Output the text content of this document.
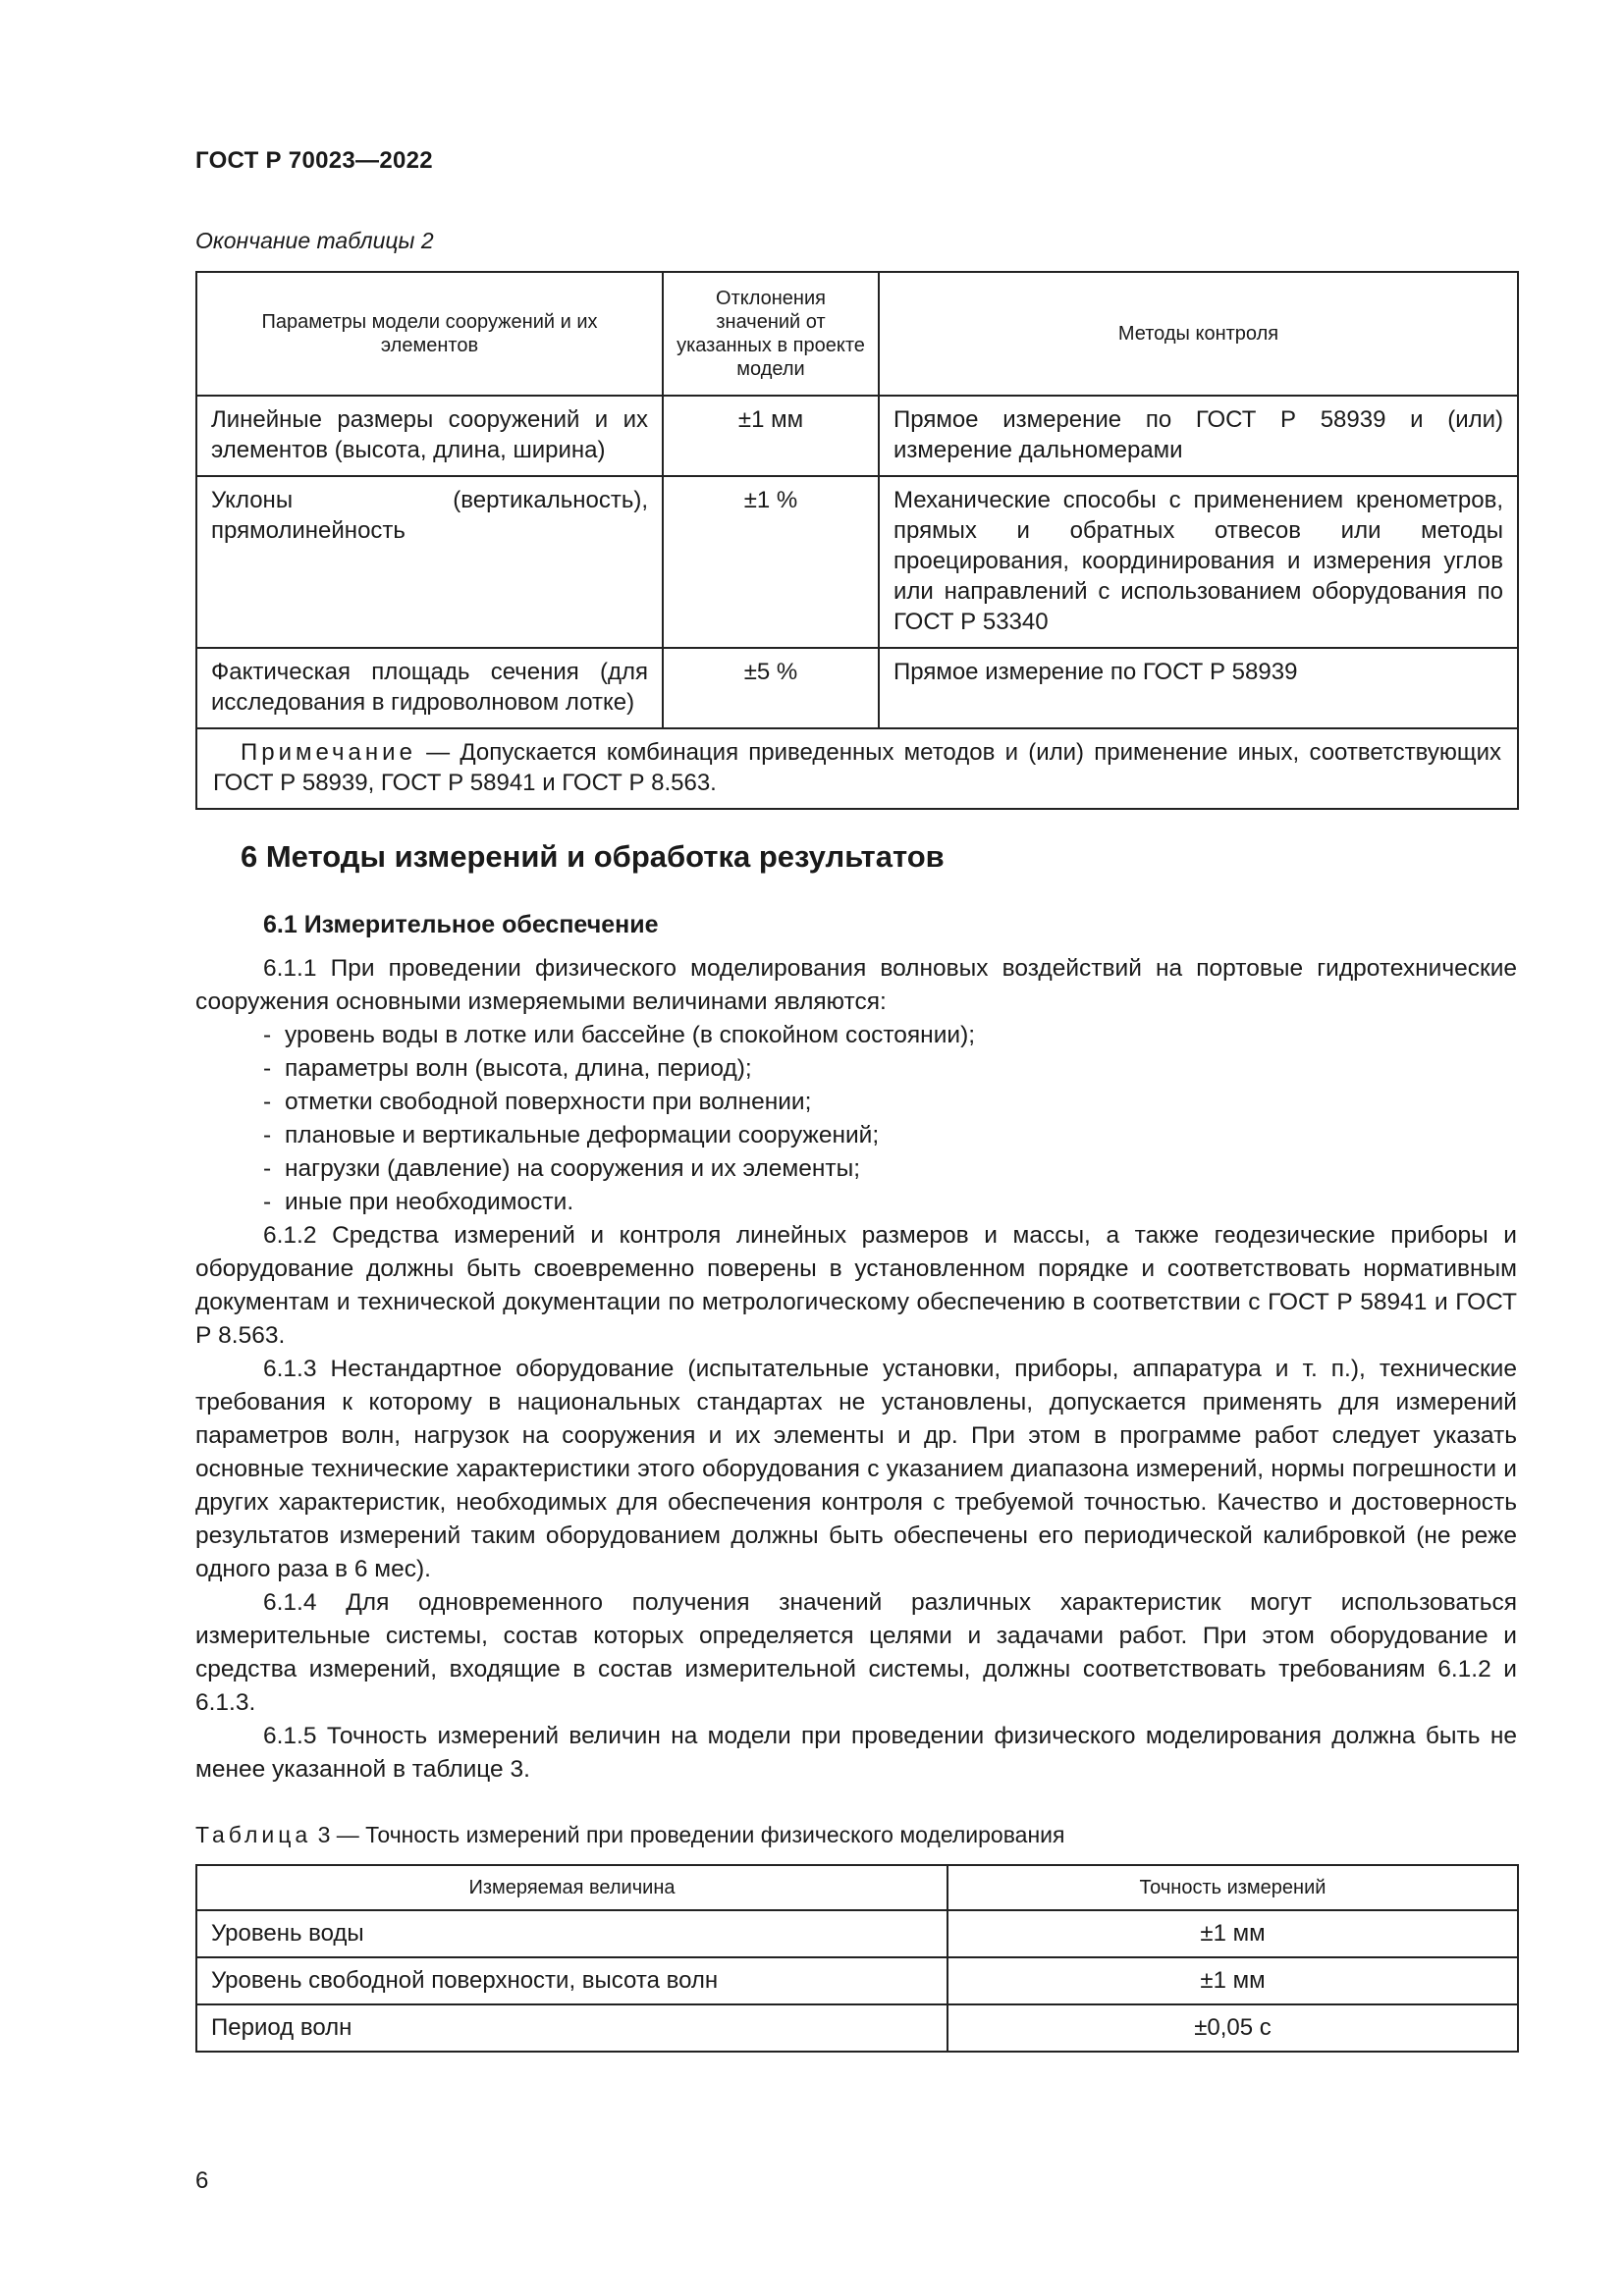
ГОСТ Р 70023—2022
Окончание таблицы 2
Параметры модели сооружений и их элементов	Отклонения значений от указанных в проекте модели	Методы контроля
Линейные размеры сооружений и их элементов (высота, длина, ширина)	±1 мм	Прямое измерение по ГОСТ Р 58939 и (или) измерение дальномерами
Уклоны (вертикальность), прямолинейность	±1 %	Механические способы с применением кренометров, прямых и обратных отвесов или методы проецирования, координирования и измерения углов или направлений с использованием оборудования по ГОСТ Р 53340
Фактическая площадь сечения (для исследования в гидроволновом лотке)	±5 %	Прямое измерение по ГОСТ Р 58939
Примечание — Допускается комбинация приведенных методов и (или) применение иных, соответствующих ГОСТ Р 58939, ГОСТ Р 58941 и ГОСТ Р 8.563.		
6 Методы измерений и обработка результатов
6.1 Измерительное обеспечение

6.1.1 При проведении физического моделирования волновых воздействий на портовые гидротехнические сооружения основными измеряемыми величинами являются:

- уровень воды в лотке или бассейне (в спокойном состоянии);
- параметры волн (высота, длина, период);
- отметки свободной поверхности при волнении;
- плановые и вертикальные деформации сооружений;
- нагрузки (давление) на сооружения и их элементы;
- иные при необходимости.

6.1.2 Средства измерений и контроля линейных размеров и массы, а также геодезические приборы и оборудование должны быть своевременно поверены в установленном порядке и соответствовать нормативным документам и технической документации по метрологическому обеспечению в соответствии с ГОСТ Р 58941 и ГОСТ Р 8.563.

6.1.3 Нестандартное оборудование (испытательные установки, приборы, аппаратура и т. п.), технические требования к которому в национальных стандартах не установлены, допускается применять для измерений параметров волн, нагрузок на сооружения и их элементы и др. При этом в программе работ следует указать основные технические характеристики этого оборудования с указанием диапазона измерений, нормы погрешности и других характеристик, необходимых для обеспечения контроля с требуемой точностью. Качество и достоверность результатов измерений таким оборудованием должны быть обеспечены его периодической калибровкой (не реже одного раза в 6 мес).

6.1.4 Для одновременного получения значений различных характеристик могут использоваться измерительные системы, состав которых определяется целями и задачами работ. При этом оборудование и средства измерений, входящие в состав измерительной системы, должны соответствовать требованиям 6.1.2 и 6.1.3.

6.1.5 Точность измерений величин на модели при проведении физического моделирования должна быть не менее указанной в таблице 3.

Таблица 3 — Точность измерений при проведении физического моделирования
Измеряемая величина	Точность измерений
Уровень воды	±1 мм
Уровень свободной поверхности, высота волн	±1 мм
Период волн	±0,05 с
6
